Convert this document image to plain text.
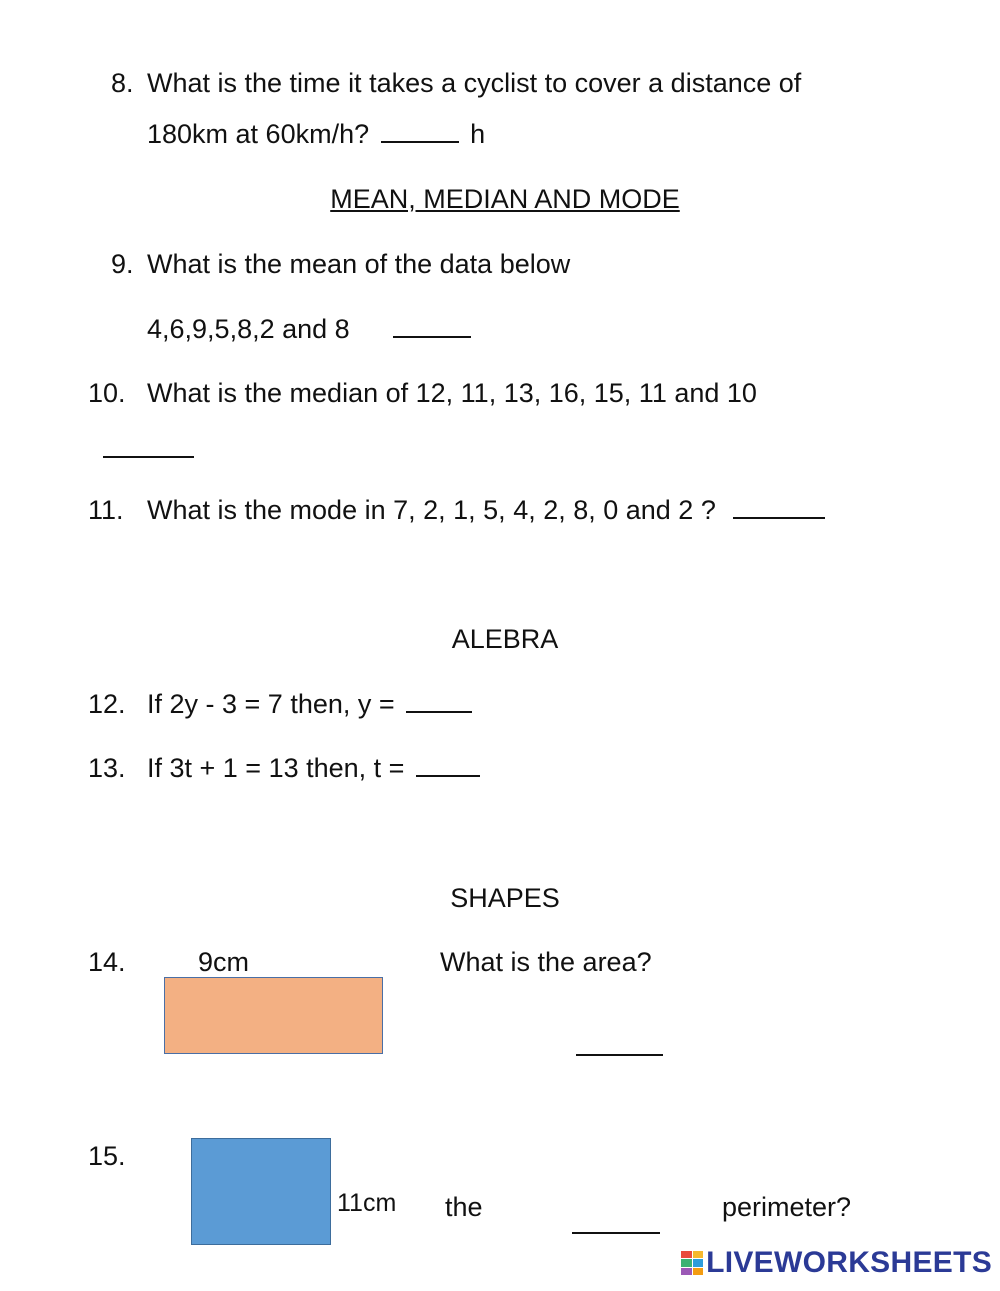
8. What is the time it takes a cyclist to cover a distance of
180km at 60km/h?	h
MEAN, MEDIAN AND MODE
9. What is the mean of the data below
4,6,9,5,8,2 and 8
10. What is the median of 12, 11, 13, 16, 15, 11 and 10
11. What is the mode in 7, 2, 1, 5, 4, 2, 8, 0 and 2 ?
ALEBRA
12. If 2y - 3 = 7 then, y =
13. If 3t + 1 = 13 then, t =
SHAPES
14.	9cm	What is the area?
15.
11cm the	perimeter?
LIVEWORKSHEETS
